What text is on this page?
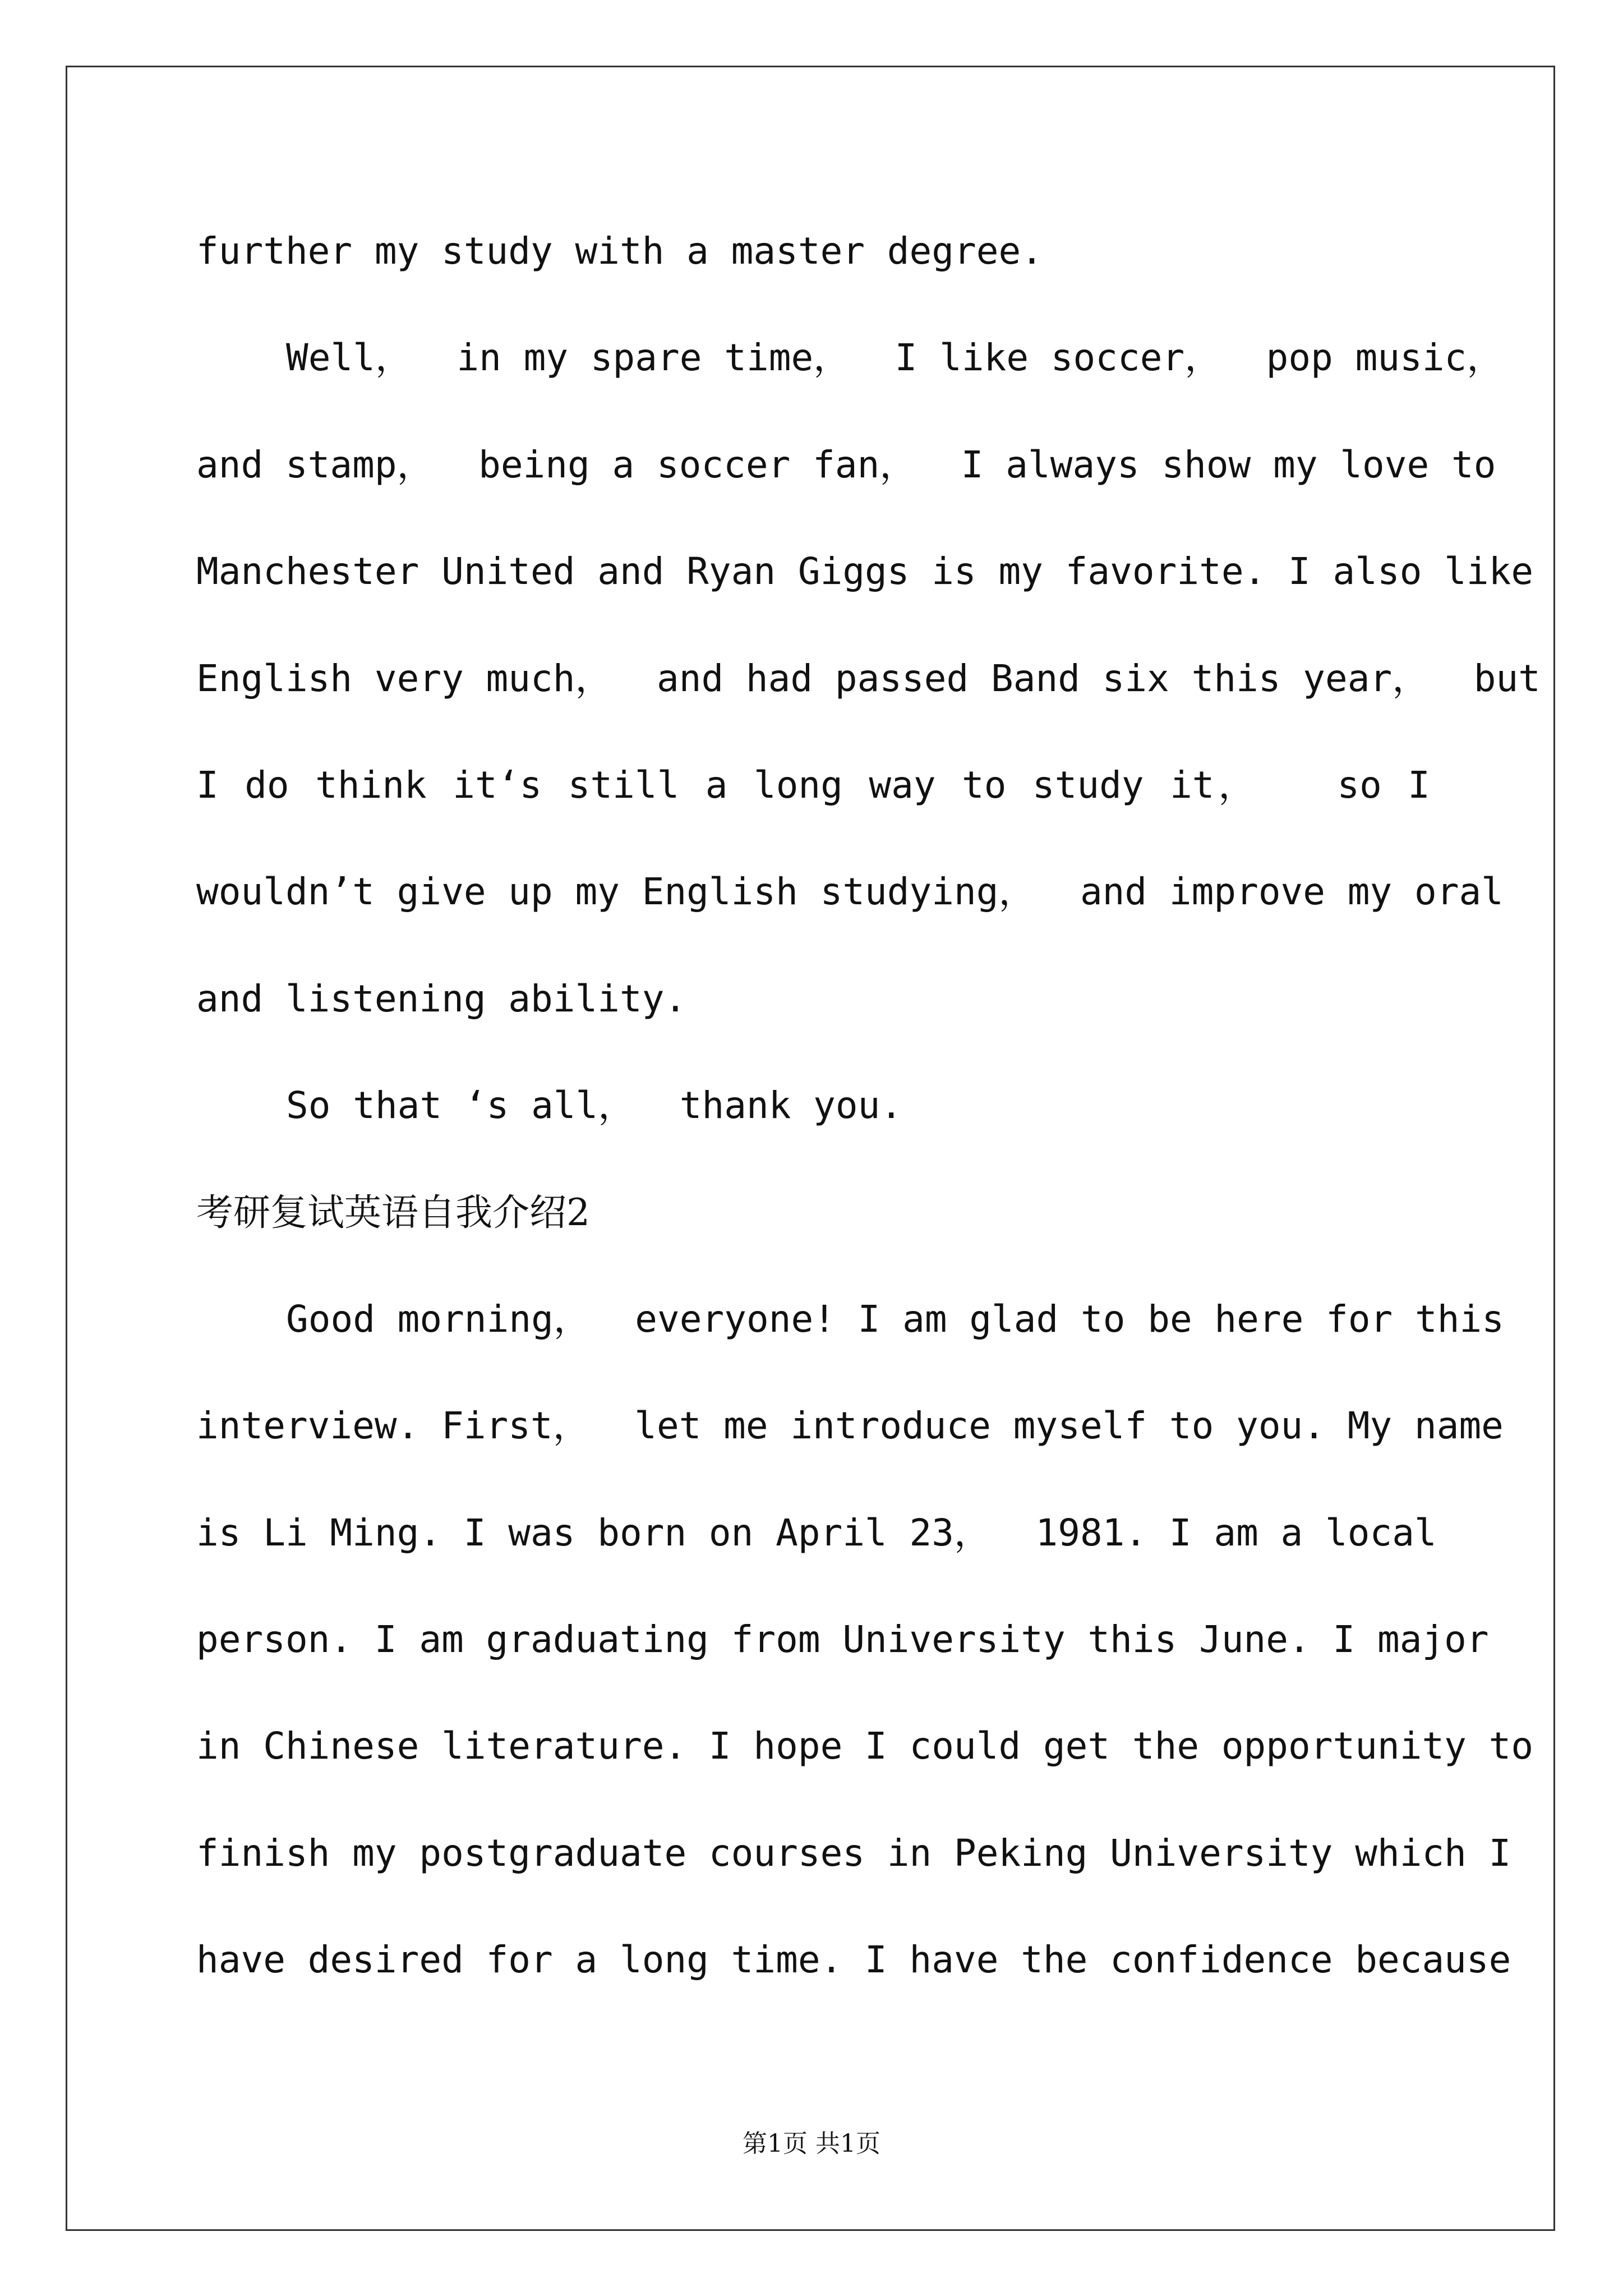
further my study with a master degree.
Well，  in my spare time，  I like soccer，  pop music，
and stamp，  being a soccer fan，  I always show my love to
Manchester United and Ryan Giggs is my favorite. I also like
English very much，  and had passed Band six this year，  but
I do think it‘s still a long way to study it，   so I
wouldn’t give up my English studying，  and improve my oral
and listening ability.
So that ‘s all，  thank you.
考研复试英语自我介绍2
Good morning，  everyone! I am glad to be here for this
interview. First，  let me introduce myself to you. My name
is Li Ming. I was born on April 23，  1981. I am a local
person. I am graduating from University this June. I major
in Chinese literature. I hope I could get the opportunity to
finish my postgraduate courses in Peking University which I
have desired for a long time. I have the confidence because
第1页 共1页
